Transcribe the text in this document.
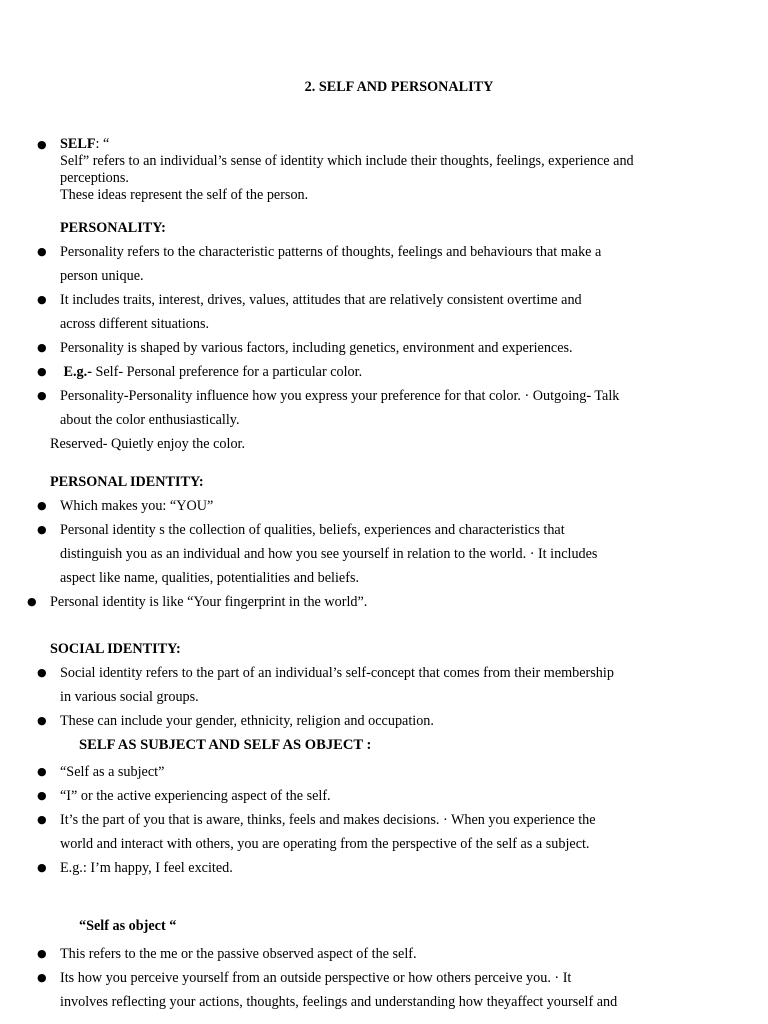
2. SELF AND PERSONALITY
● SELF: “
Self” refers to an individual’s sense of identity which include their thoughts, feelings, experience and
perceptions.
These ideas represent the self of the person.
PERSONALITY:
● Personality refers to the characteristic patterns of thoughts, feelings and behaviours that make a
person unique.
● It includes traits, interest, drives, values, attitudes that are relatively consistent overtime and
across different situations.
● Personality is shaped by various factors, including genetics, environment and experiences.
● E.g.- Self- Personal preference for a particular color.
● Personality-Personality influence how you express your preference for that color. · Outgoing- Talk
about the color enthusiastically.
Reserved- Quietly enjoy the color.
PERSONAL IDENTITY:
● Which makes you: “YOU”
● Personal identity s the collection of qualities, beliefs, experiences and characteristics that
distinguish you as an individual and how you see yourself in relation to the world. · It includes
aspect like name, qualities, potentialities and beliefs.
● Personal identity is like “Your fingerprint in the world”.
SOCIAL IDENTITY:
● Social identity refers to the part of an individual’s self-concept that comes from their membership
in various social groups.
● These can include your gender, ethnicity, religion and occupation.
SELF AS SUBJECT AND SELF AS OBJECT :
● “Self as a subject”
● “I” or the active experiencing aspect of the self.
● It’s the part of you that is aware, thinks, feels and makes decisions. · When you experience the
world and interact with others, you are operating from the perspective of the self as a subject.
● E.g.: I’m happy, I feel excited.
“Self as object “
● This refers to the me or the passive observed aspect of the self.
● Its how you perceive yourself from an outside perspective or how others perceive you. · It
involves reflecting your actions, thoughts, feelings and understanding how theyaffect yourself and
